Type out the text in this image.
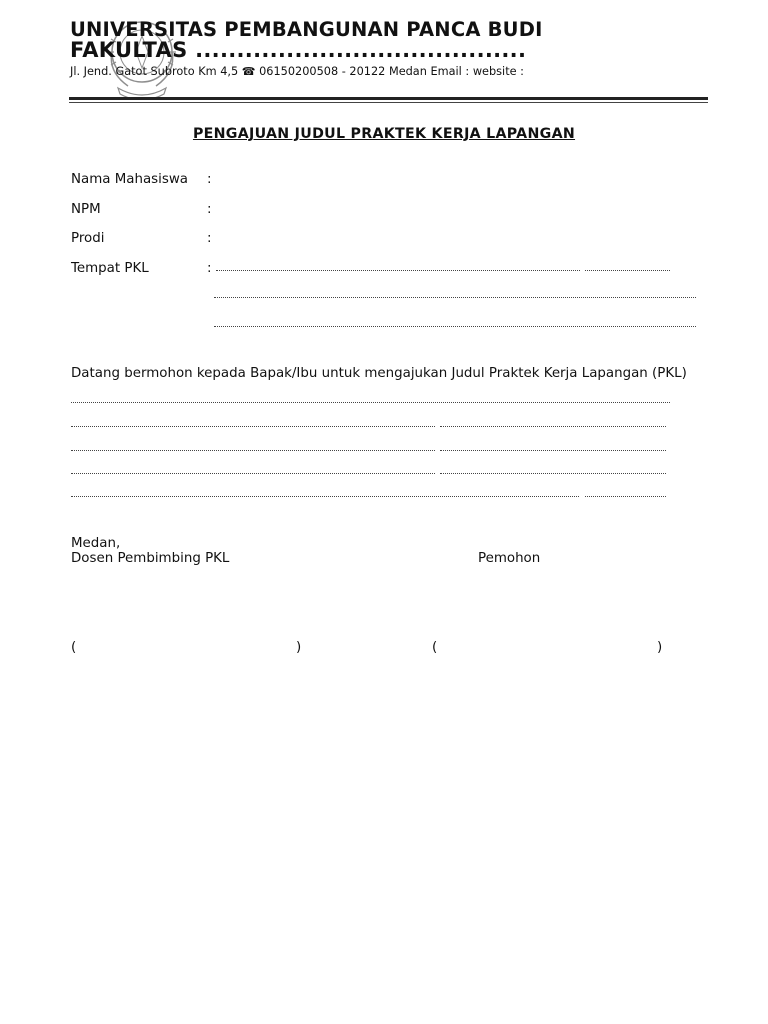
UNIVERSITAS PEMBANGUNAN PANCA BUDI
FAKULTAS ........................................
Jl. Jend. Gatot Subroto Km 4,5 ☎ 06150200508 - 20122 Medan Email : website :
PENGAJUAN JUDUL PRAKTEK KERJA LAPANGAN
Nama Mahasiswa :
NPM	:
Prodi	:
Tempat PKL	:
Datang bermohon kepada Bapak/Ibu untuk mengajukan Judul Praktek Kerja Lapangan (PKL)
Medan,
Dosen Pembimbing PKL	Pemohon
(	)	(	)
